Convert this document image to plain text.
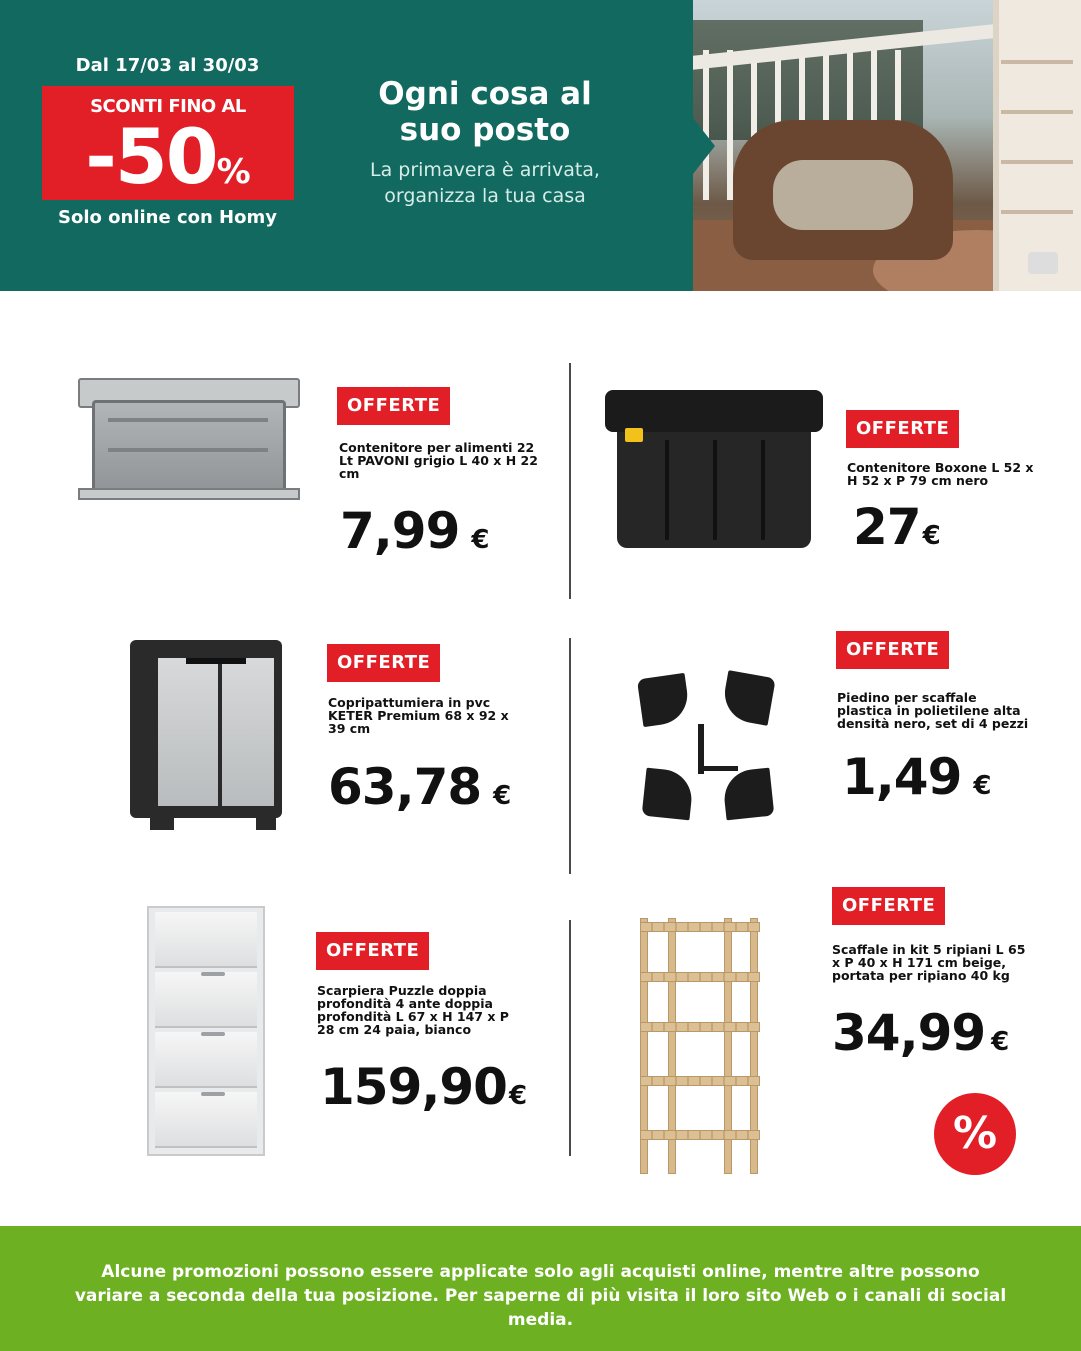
Dal 17/03 al 30/03
SCONTI FINO AL
-50%
Solo online con Homy
Ogni cosa al
suo posto
La primavera è arrivata,
organizza la tua casa
OFFERTE
Contenitore per alimenti 22 Lt PAVONI grigio L 40 x H 22 cm
7,99 €
OFFERTE
Contenitore Boxone L 52 x H 52 x P 79 cm nero
27€
OFFERTE
Copripattumiera in pvc KETER Premium 68 x 92 x 39 cm
63,78 €
OFFERTE
Piedino per scaffale plastica in polietilene alta densità nero, set di 4 pezzi
1,49 €
OFFERTE
Scarpiera Puzzle doppia profondità 4 ante doppia profondità L 67 x H 147 x P 28 cm 24 paia, bianco
159,90€
OFFERTE
Scaffale in kit 5 ripiani L 65 x P 40 x H 171 cm beige, portata per ripiano 40 kg
34,99 €
%
Alcune promozioni possono essere applicate solo agli acquisti online, mentre altre possono
variare a seconda della tua posizione. Per saperne di più visita il loro sito Web o i canali di social media.
